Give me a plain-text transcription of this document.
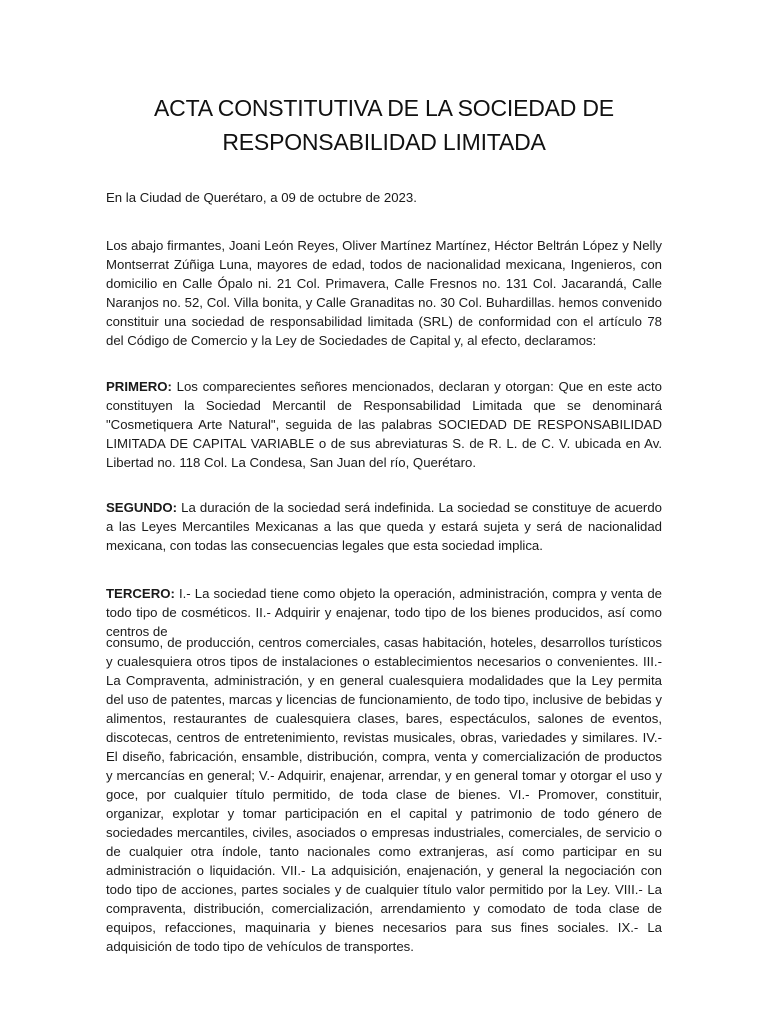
ACTA CONSTITUTIVA DE LA SOCIEDAD DE
RESPONSABILIDAD LIMITADA
En la Ciudad de Querétaro, a 09 de octubre de 2023.
Los abajo firmantes, Joani León Reyes, Oliver Martínez Martínez, Héctor Beltrán López y Nelly Montserrat Zúñiga Luna, mayores de edad, todos de nacionalidad mexicana, Ingenieros, con domicilio en Calle Ópalo ni. 21 Col. Primavera, Calle Fresnos no. 131 Col. Jacarandá, Calle Naranjos no. 52, Col. Villa bonita, y Calle Granaditas no. 30 Col. Buhardillas. hemos convenido constituir una sociedad de responsabilidad limitada (SRL) de conformidad con el artículo 78 del Código de Comercio y la Ley de Sociedades de Capital y, al efecto, declaramos:
PRIMERO: Los comparecientes señores mencionados, declaran y otorgan: Que en este acto constituyen la Sociedad Mercantil de Responsabilidad Limitada que se denominará "Cosmetiquera Arte Natural", seguida de las palabras SOCIEDAD DE RESPONSABILIDAD LIMITADA DE CAPITAL VARIABLE o de sus abreviaturas S. de R. L. de C. V. ubicada en Av. Libertad no. 118 Col. La Condesa, San Juan del río, Querétaro.
SEGUNDO: La duración de la sociedad será indefinida. La sociedad se constituye de acuerdo a las Leyes Mercantiles Mexicanas a las que queda y estará sujeta y será de nacionalidad mexicana, con todas las consecuencias legales que esta sociedad implica.
TERCERO: I.- La sociedad tiene como objeto la operación, administración, compra y venta de todo tipo de cosméticos. II.- Adquirir y enajenar, todo tipo de los bienes producidos, así como centros de
consumo, de producción, centros comerciales, casas habitación, hoteles, desarrollos turísticos y cualesquiera otros tipos de instalaciones o establecimientos necesarios o convenientes. III.- La Compraventa, administración, y en general cualesquiera modalidades que la Ley permita del uso de patentes, marcas y licencias de funcionamiento, de todo tipo, inclusive de bebidas y alimentos, restaurantes de cualesquiera clases, bares, espectáculos, salones de eventos, discotecas, centros de entretenimiento, revistas musicales, obras, variedades y similares. IV.- El diseño, fabricación, ensamble, distribución, compra, venta y comercialización de productos y mercancías en general; V.- Adquirir, enajenar, arrendar, y en general tomar y otorgar el uso y goce, por cualquier título permitido, de toda clase de bienes. VI.- Promover, constituir, organizar, explotar y tomar participación en el capital y patrimonio de todo género de sociedades mercantiles, civiles, asociados o empresas industriales, comerciales, de servicio o de cualquier otra índole, tanto nacionales como extranjeras, así como participar en su administración o liquidación. VII.- La adquisición, enajenación, y general la negociación con todo tipo de acciones, partes sociales y de cualquier título valor permitido por la Ley. VIII.- La compraventa, distribución, comercialización, arrendamiento y comodato de toda clase de equipos, refacciones, maquinaria y bienes necesarios para sus fines sociales. IX.- La adquisición de todo tipo de vehículos de transportes.
